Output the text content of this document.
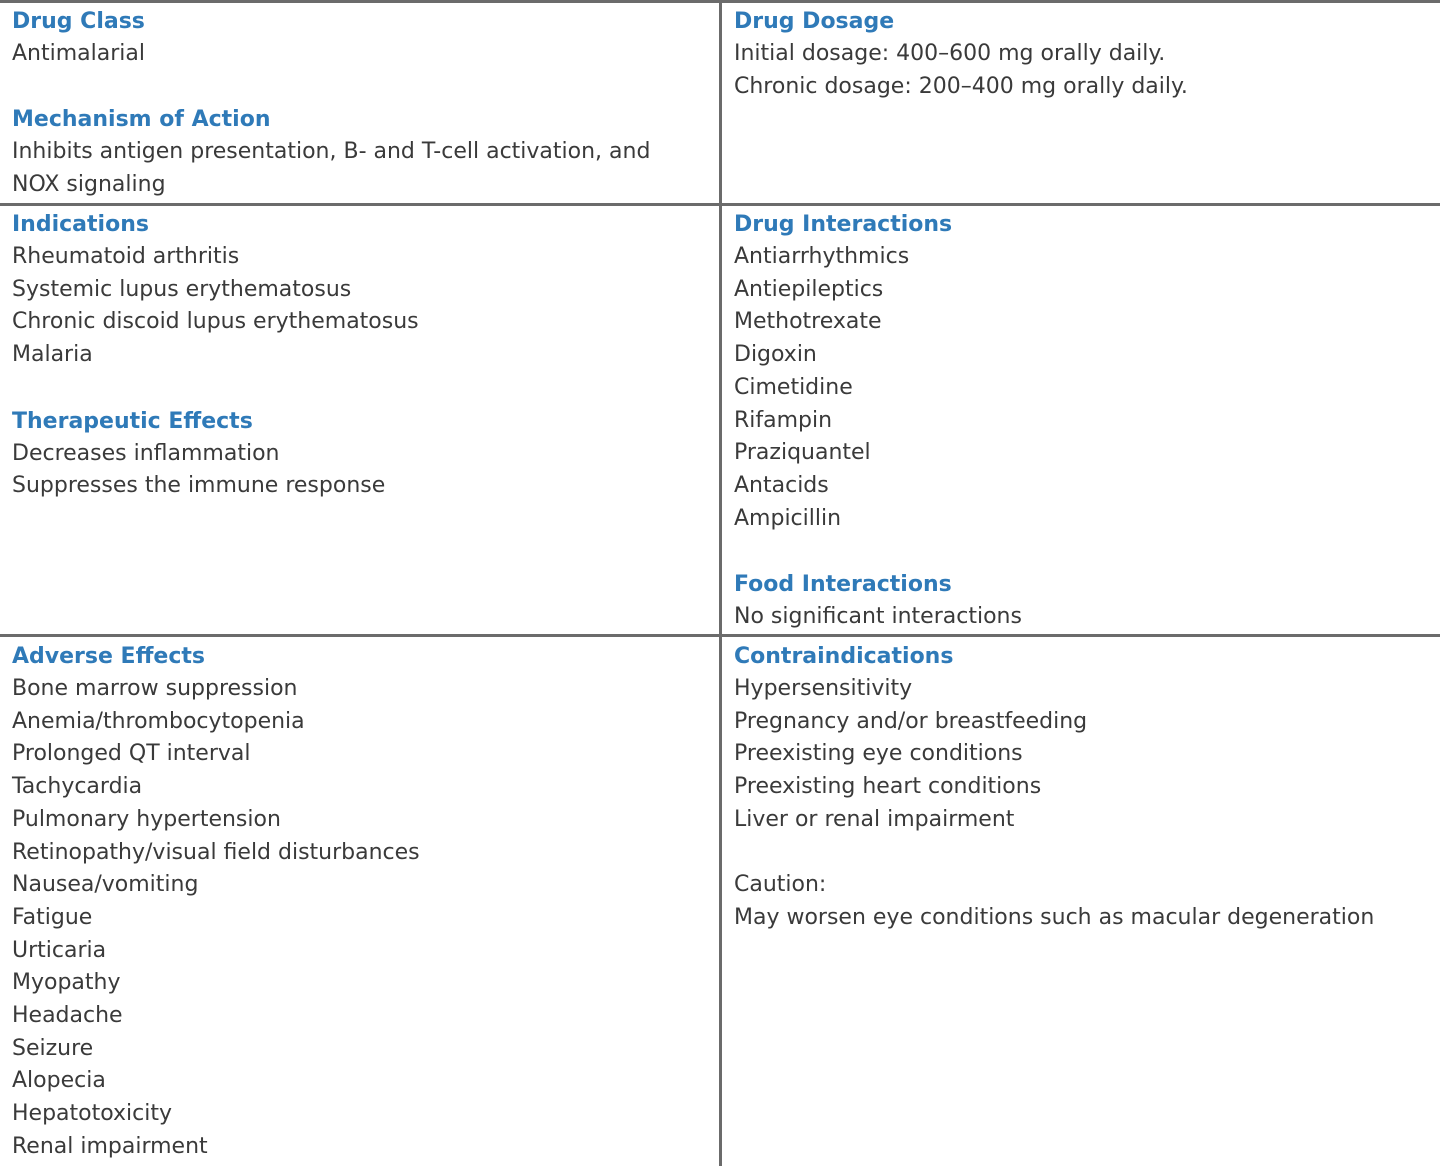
Drug Class
Antimalarial
Mechanism of Action
Inhibits antigen presentation, B- and T-cell activation, and NOX signaling
Drug Dosage
Initial dosage: 400–600 mg orally daily.
Chronic dosage: 200–400 mg orally daily.
Indications
Rheumatoid arthritis
Systemic lupus erythematosus
Chronic discoid lupus erythematosus
Malaria
Therapeutic Effects
Decreases inflammation
Suppresses the immune response
Drug Interactions
Antiarrhythmics
Antiepileptics
Methotrexate
Digoxin
Cimetidine
Rifampin
Praziquantel
Antacids
Ampicillin
Food Interactions
No significant interactions
Adverse Effects
Bone marrow suppression
Anemia/thrombocytopenia
Prolonged QT interval
Tachycardia
Pulmonary hypertension
Retinopathy/visual field disturbances
Nausea/vomiting
Fatigue
Urticaria
Myopathy
Headache
Seizure
Alopecia
Hepatotoxicity
Renal impairment
Contraindications
Hypersensitivity
Pregnancy and/or breastfeeding
Preexisting eye conditions
Preexisting heart conditions
Liver or renal impairment
Caution:
May worsen eye conditions such as macular degeneration
